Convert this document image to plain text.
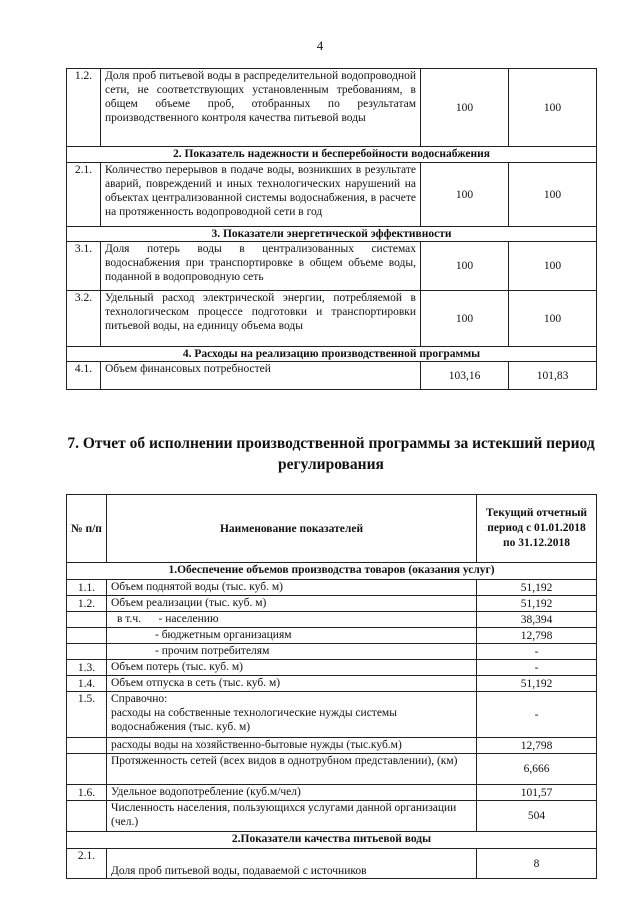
4
1.2.	Доля проб питьевой воды в распределительной водопроводной сети, не соответствующих установленным требованиям, в общем объеме проб, отобранных по результатам производственного контроля качества питьевой воды	100	100
2. Показатель надежности и бесперебойности водоснабжения			
2.1.	Количество перерывов в подаче воды, возникших в результате аварий, повреждений и иных технологических нарушений на объектах централизованной системы водоснабжения, в расчете на протяженность водопроводной сети в год	100	100
3. Показатели энергетической эффективности			
3.1.	Доля потерь воды в централизованных системах водоснабжения при транспортировке в общем объеме воды, поданной в водопроводную сеть	100	100
3.2.	Удельный расход электрической энергии, потребляемой в технологическом процессе подготовки и транспортировки питьевой воды, на единицу объема воды	100	100
4. Расходы на реализацию производственной программы			
4.1.	Объем финансовых потребностей	103,16	101,83
7. Отчет об исполнении производственной программы за истекший период регулирования
№ п/п	Наименование показателей		Текущий отчетный период с 01.01.2018 по 31.12.2018
1.Обеспечение объемов производства товаров (оказания услуг)			
1.1.	Объем поднятой воды (тыс. куб. м)		51,192
1.2.	Объем реализации (тыс. куб. м)		51,192
	в т.ч.	- населению	38,394
	- бюджетным организациям		12,798
	- прочим потребителям		-
1.3.	Объем потерь (тыс. куб. м)		-
1.4.	Объем отпуска в сеть (тыс. куб. м)		51,192
1.5.	Справочно:
расходы на собственные технологические нужды системы водоснабжения (тыс. куб. м)		-
	расходы воды на хозяйственно-бытовые нужды (тыс.куб.м)		12,798
	Протяженность сетей (всех видов в однотрубном представлении), (км)		6,666
1.6.	Удельное водопотребление (куб.м/чел)		101,57
	Численность населения, пользующихся услугами данной организации (чел.)		504
2.Показатели качества питьевой воды			
2.1.	Доля проб питьевой воды, подаваемой с источников		8
